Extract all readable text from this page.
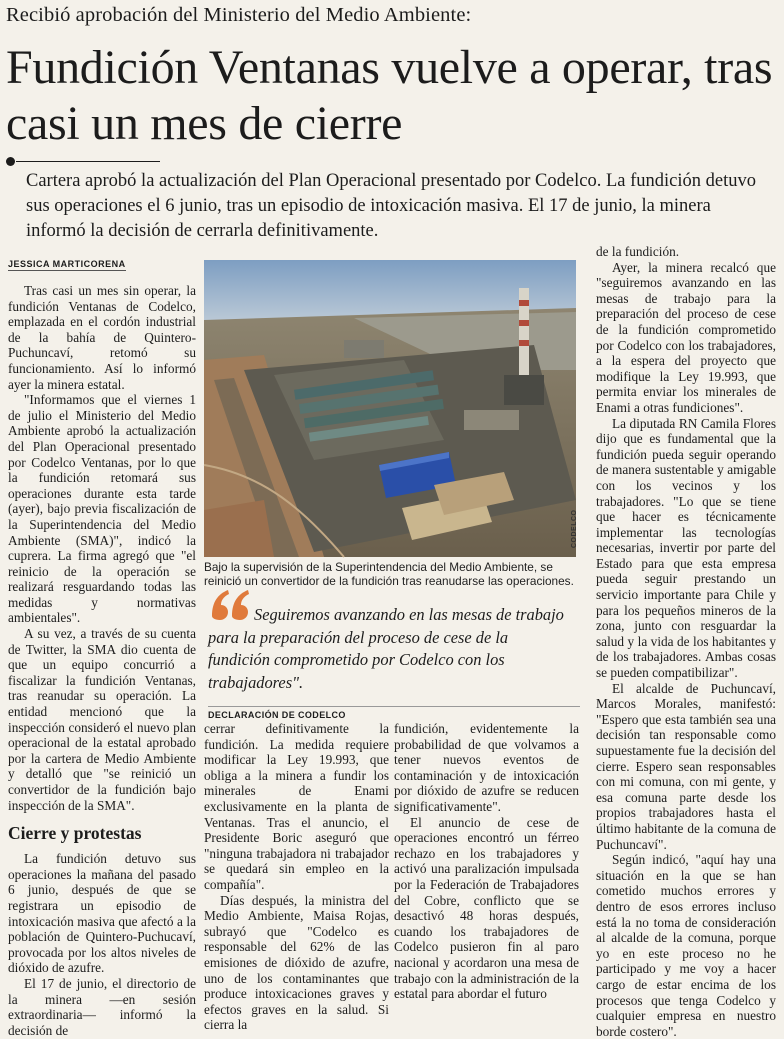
Recibió aprobación del Ministerio del Medio Ambiente:
Fundición Ventanas vuelve a operar, tras casi un mes de cierre
Cartera aprobó la actualización del Plan Operacional presentado por Codelco. La fundición detuvo sus operaciones el 6 junio, tras un episodio de intoxicación masiva. El 17 de junio, la minera informó la decisión de cerrarla definitivamente.
JESSICA MARTICORENA

Tras casi un mes sin operar, la fundición Ventanas de Codelco, emplazada en el cordón industrial de la bahía de Quintero-Puchuncaví, retomó su funcionamiento. Así lo informó ayer la minera estatal.

"Informamos que el viernes 1 de julio el Ministerio del Medio Ambiente aprobó la actualización del Plan Operacional presentado por Codelco Ventanas, por lo que la fundición retomará sus operaciones durante esta tarde (ayer), bajo previa fiscalización de la Superintendencia del Medio Ambiente (SMA)", indicó la cuprera. La firma agregó que "el reinicio de la operación se realizará resguardando todas las medidas y normativas ambientales".

A su vez, a través de su cuenta de Twitter, la SMA dio cuenta de que un equipo concurrió a fiscalizar la fundición Ventanas, tras reanudar su operación. La entidad mencionó que la inspección consideró el nuevo plan operacional de la estatal aprobado por la cartera de Medio Ambiente y detalló que "se reinició un convertidor de la fundición bajo inspección de la SMA".

Cierre y protestas

La fundición detuvo sus operaciones la mañana del pasado 6 junio, después de que se registrara un episodio de intoxicación masiva que afectó a la población de Quintero-Puchucaví, provocada por los altos niveles de dióxido de azufre.

El 17 de junio, el directorio de la minera —en sesión extraordinaria— informó la decisión de

CODELCO
Bajo la supervisión de la Superintendencia del Medio Ambiente, se reinició un convertidor de la fundición tras reanudarse las operaciones.
Seguiremos avanzando en las mesas de trabajo para la preparación del proceso de cese de la fundición comprometido por Codelco con los trabajadores".
DECLARACIÓN DE CODELCO

cerrar definitivamente la fundición. La medida requiere modificar la Ley 19.993, que obliga a la minera a fundir los minerales de Enami exclusivamente en la planta de Ventanas. Tras el anuncio, el Presidente Boric aseguró que "ninguna trabajadora ni trabajador se quedará sin empleo en la compañía".

Días después, la ministra del Medio Ambiente, Maisa Rojas, subrayó que "Codelco es responsable del 62% de las emisiones de dióxido de azufre, uno de los contaminantes que produce intoxicaciones graves y efectos graves en la salud. Si cierra la

fundición, evidentemente la probabilidad de que volvamos a tener nuevos eventos de contaminación y de intoxicación por dióxido de azufre se reducen significativamente".

El anuncio de cese de operaciones encontró un férreo rechazo en los trabajadores y activó una paralización impulsada por la Federación de Trabajadores del Cobre, conflicto que se desactivó 48 horas después, cuando los trabajadores de Codelco pusieron fin al paro nacional y acordaron una mesa de trabajo con la administración de la estatal para abordar el futuro

de la fundición.

Ayer, la minera recalcó que "seguiremos avanzando en las mesas de trabajo para la preparación del proceso de cese de la fundición comprometido por Codelco con los trabajadores, a la espera del proyecto que modifique la Ley 19.993, que permita enviar los minerales de Enami a otras fundiciones".

La diputada RN Camila Flores dijo que es fundamental que la fundición pueda seguir operando de manera sustentable y amigable con los vecinos y los trabajadores. "Lo que se tiene que hacer es técnicamente implementar las tecnologías necesarias, invertir por parte del Estado para que esta empresa pueda seguir prestando un servicio importante para Chile y para los pequeños mineros de la zona, junto con resguardar la salud y la vida de los habitantes y de los trabajadores. Ambas cosas se pueden compatibilizar".

El alcalde de Puchuncaví, Marcos Morales, manifestó: "Espero que esta también sea una decisión tan responsable como supuestamente fue la decisión del cierre. Espero sean responsables con mi comuna, con mi gente, y esa comuna parte desde los propios trabajadores hasta el último habitante de la comuna de Puchuncaví".

Según indicó, "aquí hay una situación en la que se han cometido muchos errores y dentro de esos errores incluso está la no toma de consideración al alcalde de la comuna, porque yo en este proceso no he participado y me voy a hacer cargo de estar encima de los procesos que tenga Codelco y cualquier empresa en nuestro borde costero".
